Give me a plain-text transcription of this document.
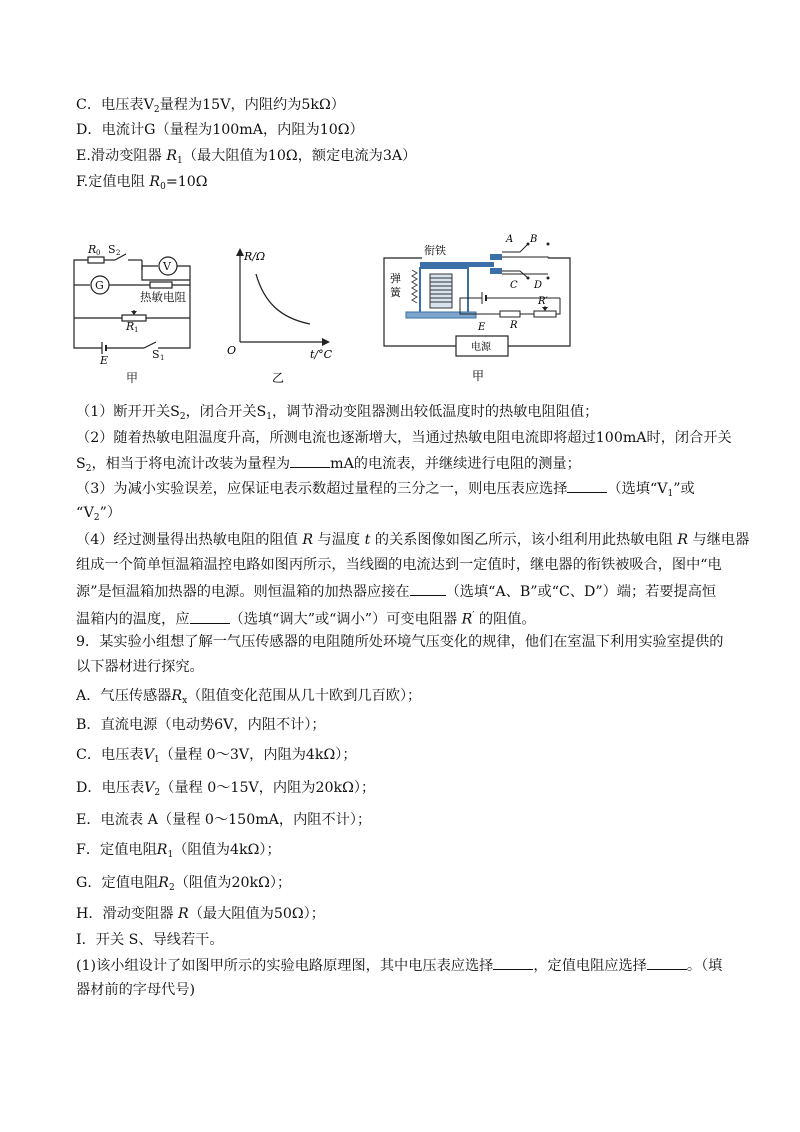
C．电压表$V_2$量程为15V，内阻约为5kΩ）
D．电流计G（量程为100mA，内阻为10Ω）
E.滑动变阻器 $R_1$（最大阻值为10Ω，额定电流为3A）
F.定值电阻 $R_0=10\Omega$
R 0 S 2
V
G
热敏电阻
R 1
E	S 1
甲
R/Ω
t/°C
O
乙
电源
衔铁
弹
簧
A B
C D
R′
E R
甲
（1）断开开关$S_2$，闭合开关$S_1$，调节滑动变阻器测出较低温度时的热敏电阻阻值；
（2）随着热敏电阻温度升高，所测电流也逐渐增大，当通过热敏电阻电流即将超过100mA时，闭合开关
$S_2$，相当于将电流计改装为量程为	mA的电流表，并继续进行电阻的测量；
（3）为减小实验误差，应保证电表示数超过量程的三分之一，则电压表应选择	（选填“$V_1$”或
“$V_2$”）
（4）经过测量得出热敏电阻的阻值 R 与温度 t 的关系图像如图乙所示，该小组利用此热敏电阻 R 与继电器
组成一个简单恒温箱温控电路如图丙所示，当线圈的电流达到一定值时，继电器的衔铁被吸合，图中“电
源”是恒温箱加热器的电源。则恒温箱的加热器应接在	（选填“A、B”或“C、D”）端；若要提高恒
温箱内的温度，应	（选填“调大”或“调小”）可变电阻器 R′ 的阻值。
9．某实验小组想了解一气压传感器的电阻随所处环境气压变化的规律，他们在室温下利用实验室提供的
以下器材进行探究。
A．气压传感器$R_x$（阻值变化范围从几十欧到几百欧）；
B．直流电源（电动势6V，内阻不计）；
C．电压表$V_1$（量程 0～3V，内阻为4kΩ）；
D．电压表$V_2$（量程 0～15V，内阻为20kΩ）；
E．电流表 A（量程 0～150mA，内阻不计）；
F．定值电阻$R_1$（阻值为4kΩ）；
G．定值电阻$R_2$（阻值为20kΩ）；
H．滑动变阻器 R（最大阻值为50Ω）；
I．开关 S、导线若干。
(1)该小组设计了如图甲所示的实验电路原理图，其中电压表应选择	，定值电阻应选择	。（填
器材前的字母代号)
